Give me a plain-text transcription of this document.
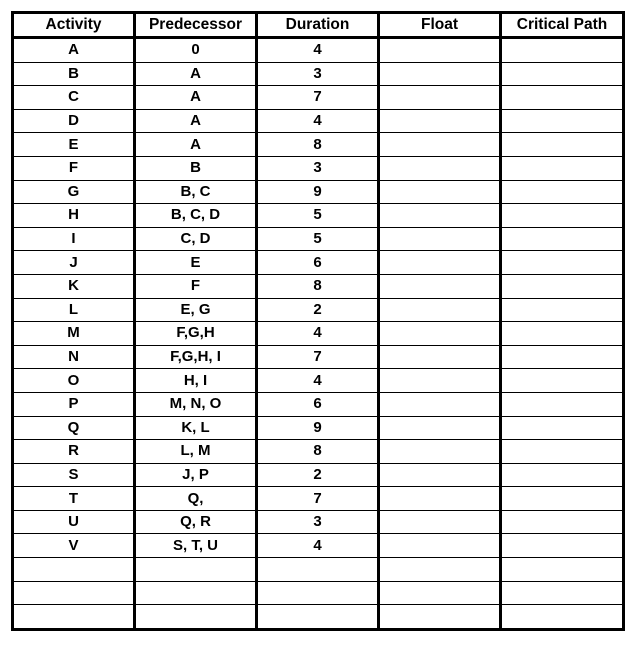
Activity	Predecessor	Duration	Float	Critical Path
A	0	4		
B	A	3		
C	A	7		
D	A	4		
E	A	8		
F	B	3		
G	B, C	9		
H	B, C, D	5		
I	C, D	5		
J	E	6		
K	F	8		
L	E, G	2		
M	F,G,H	4		
N	F,G,H, I	7		
O	H, I	4		
P	M, N, O	6		
Q	K, L	9		
R	L, M	8		
S	J, P	2		
T	Q,	7		
U	Q, R	3		
V	S, T, U	4		
